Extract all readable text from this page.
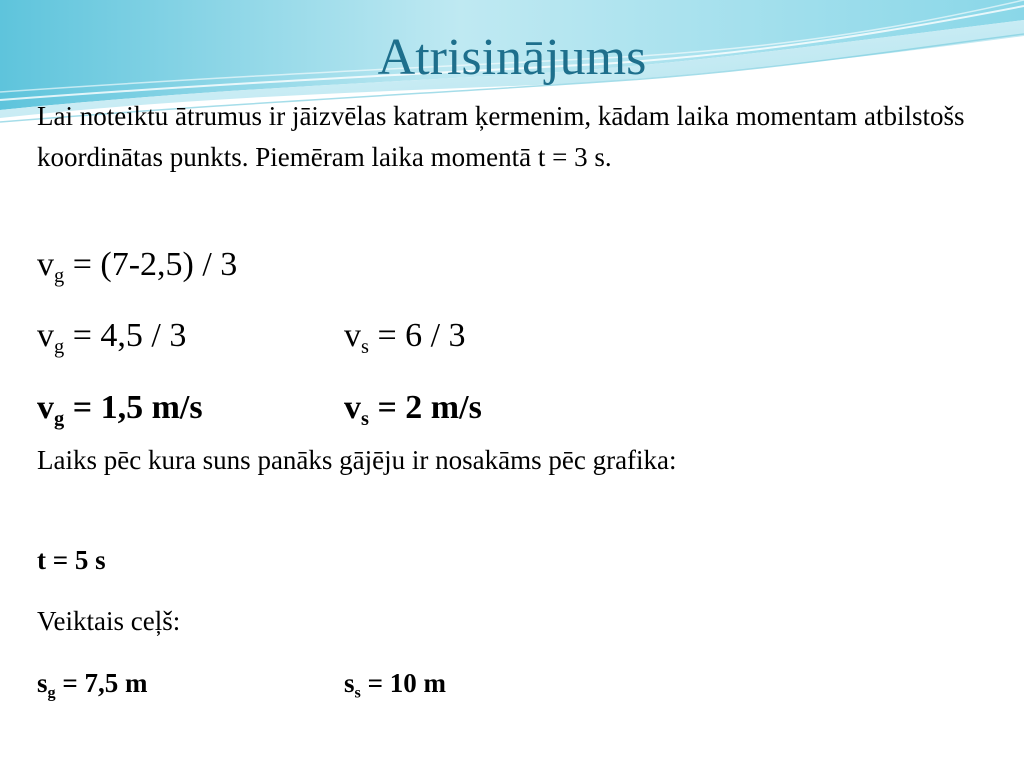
Atrisinājums
Lai noteiktu ātrumus ir jāizvēlas katram ķermenim, kādam laika momentam atbilstošs koordinātas punkts. Piemēram laika momentā t = 3 s.
$v_g = (7-2,5) / 3$
$v_g = 4,5 / 3$	$v_s = 6 / 3$
$v_g = 1,5$ m/s	$v_s = 2$ m/s
Laiks pēc kura suns panāks gājēju ir nosakāms pēc grafika:
t = 5 s
Veiktais ceļš:
$s_g = 7,5$ m	$s_s = 10$ m
